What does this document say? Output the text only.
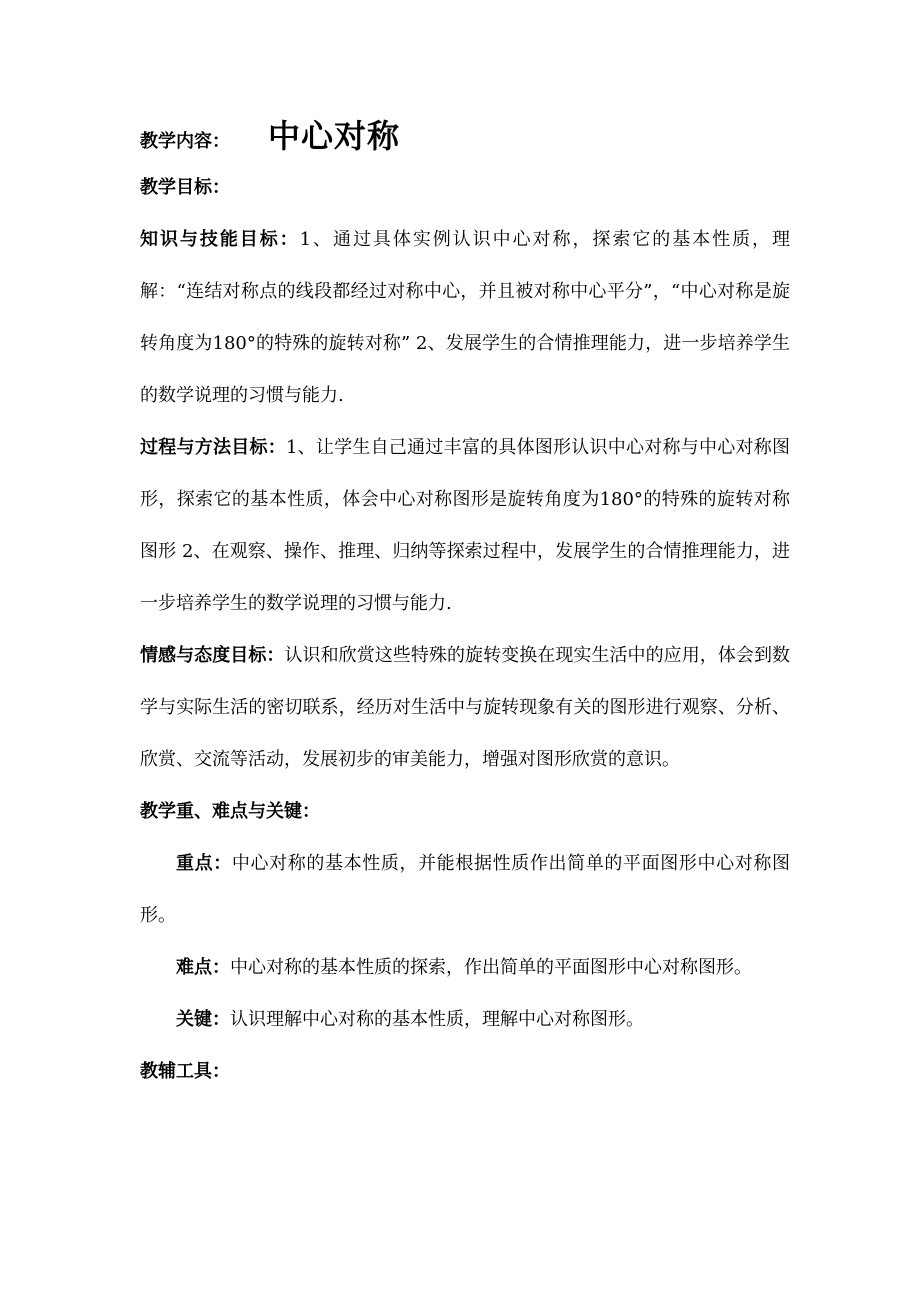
教学内容：	中心对称
教学目标：

知识与技能目标：1、通过具体实例认识中心对称，探索它的基本性质，理解：“连结对称点的线段都经过对称中心，并且被对称中心平分”，“中心对称是旋转角度为180°的特殊的旋转对称” 2、发展学生的合情推理能力，进一步培养学生的数学说理的习惯与能力.

过程与方法目标：1、让学生自己通过丰富的具体图形认识中心对称与中心对称图形，探索它的基本性质，体会中心对称图形是旋转角度为180°的特殊的旋转对称图形 2、在观察、操作、推理、归纳等探索过程中，发展学生的合情推理能力，进一步培养学生的数学说理的习惯与能力.

情感与态度目标：认识和欣赏这些特殊的旋转变换在现实生活中的应用，体会到数学与实际生活的密切联系，经历对生活中与旋转现象有关的图形进行观察、分析、欣赏、交流等活动，发展初步的审美能力，增强对图形欣赏的意识。

教学重、难点与关键：

重点：中心对称的基本性质，并能根据性质作出简单的平面图形中心对称图形。

难点：中心对称的基本性质的探索，作出简单的平面图形中心对称图形。

关键：认识理解中心对称的基本性质，理解中心对称图形。

教辅工具：
